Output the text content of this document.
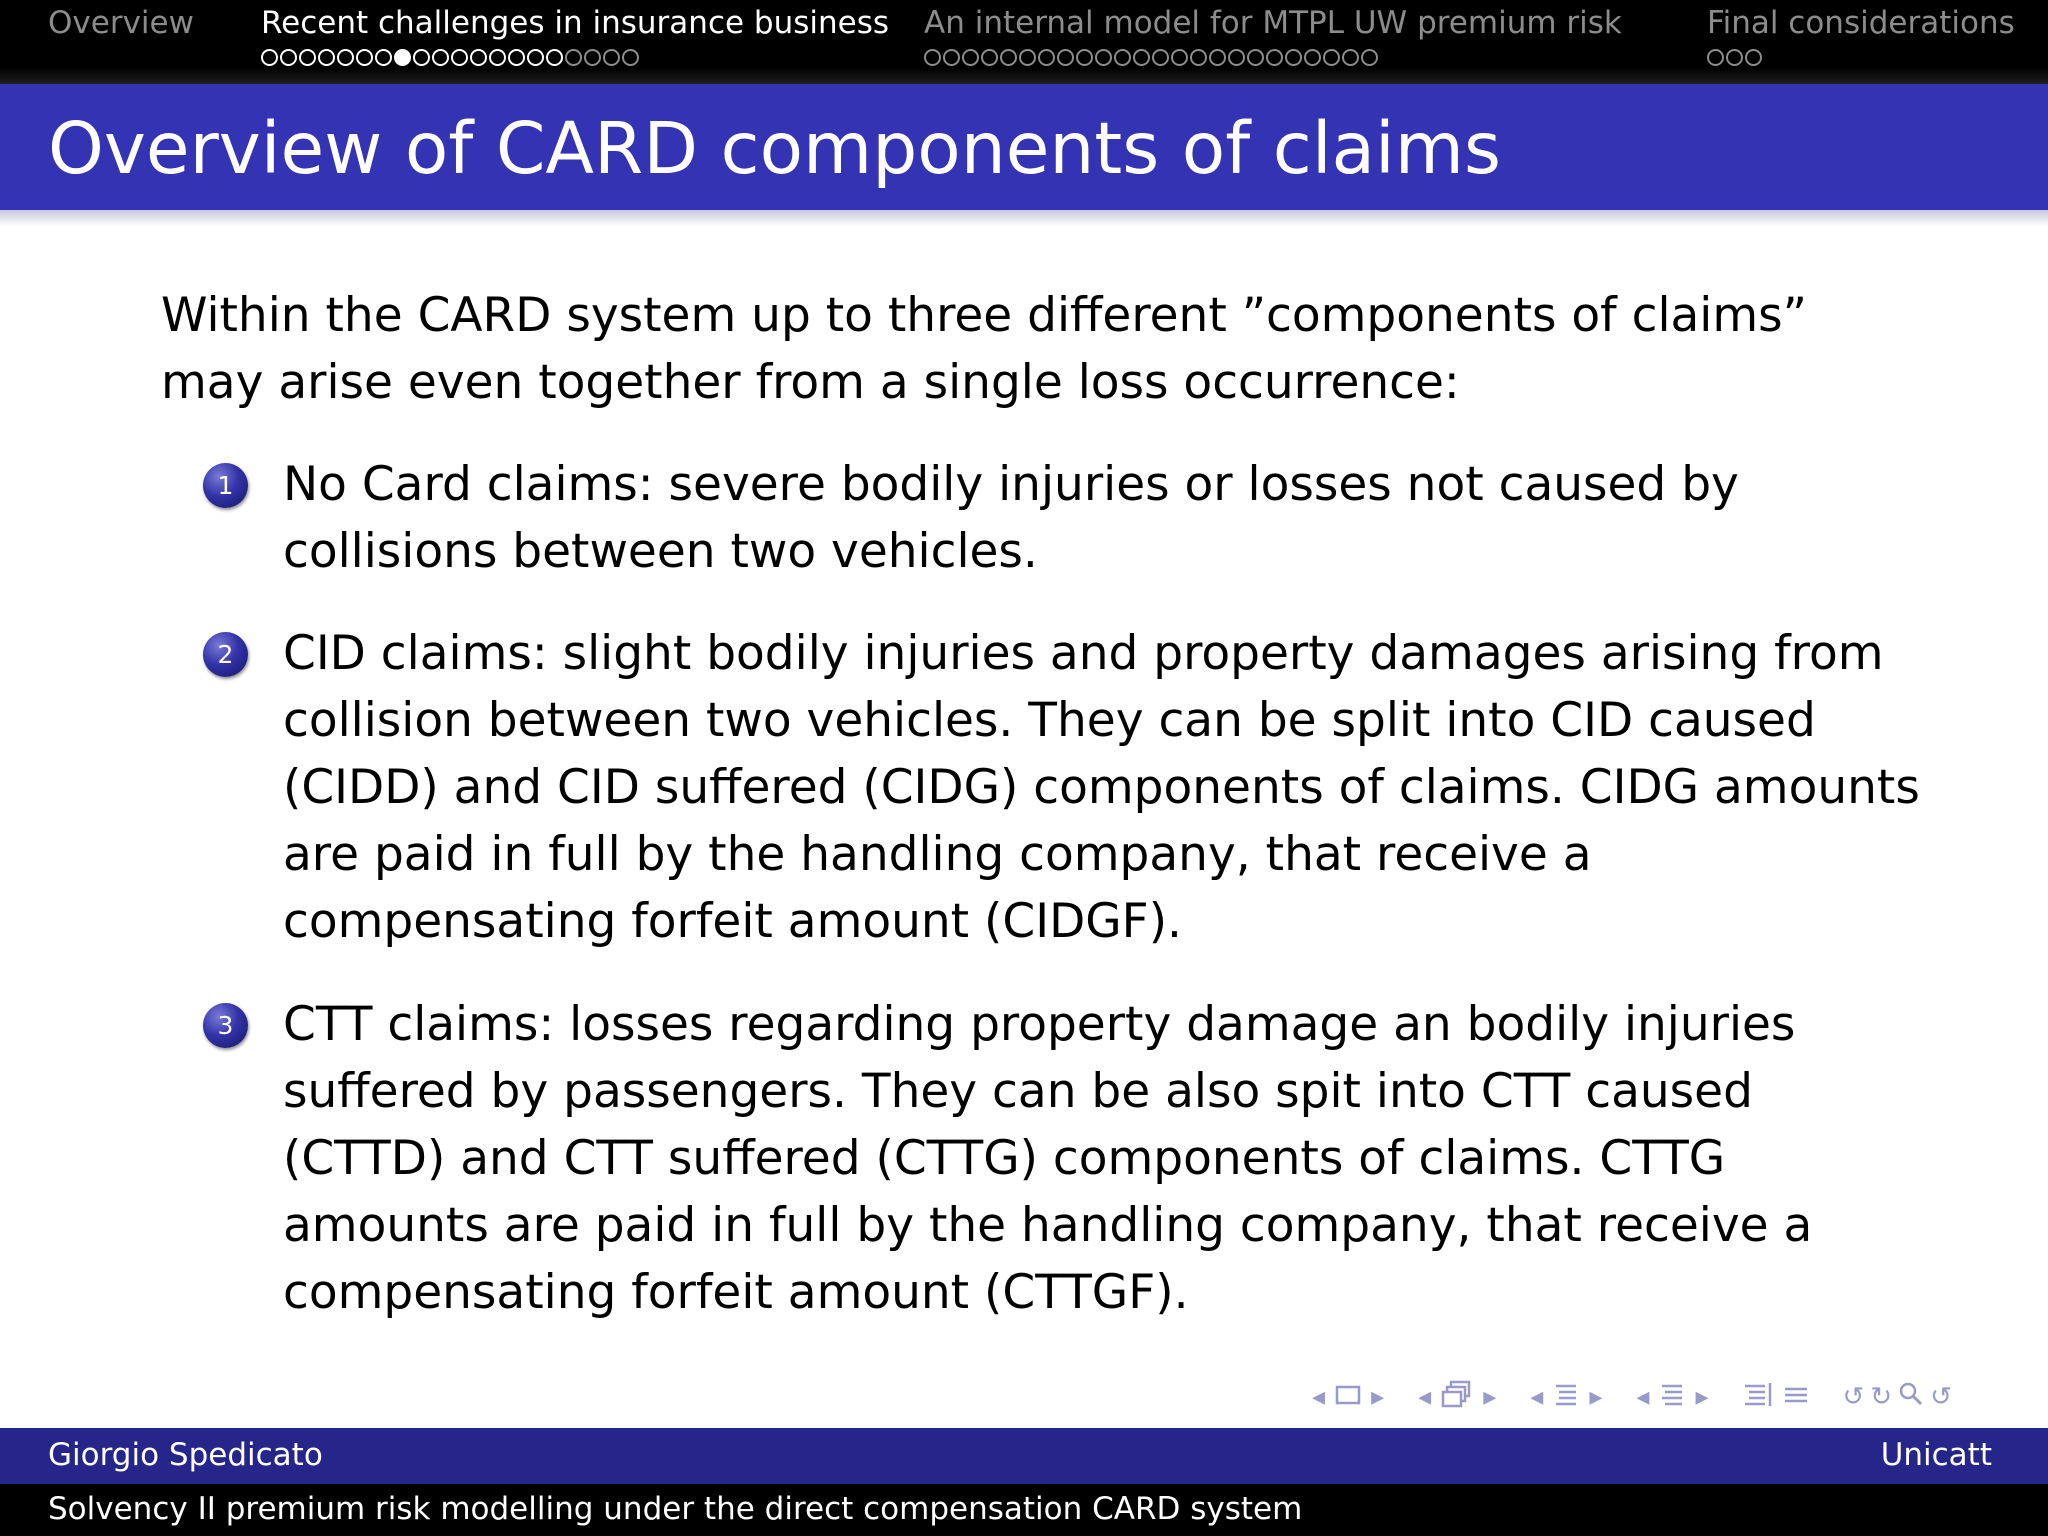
Overview Recent challenges in insurance business An internal model for MTPL UW premium risk	Final considerations
Overview of CARD components of claims
Within the CARD system up to three different ”components of claims” may arise even together from a single loss occurrence:
1	No Card claims: severe bodily injuries or losses not caused by collisions between two vehicles.
2	CID claims: slight bodily injuries and property damages arising from collision between two vehicles. They can be split into CID caused (CIDD) and CID suffered (CIDG) components of claims. CIDG amounts are paid in full by the handling company, that receive a compensating forfeit amount (CIDGF).
3	CTT claims: losses regarding property damage an bodily injuries suffered by passengers. They can be also spit into CTT caused (CTTD) and CTT suffered (CTTG) components of claims. CTTG amounts are paid in full by the handling company, that receive a compensating forfeit amount (CTTGF).
◂ ▸ ◂ ▸ ◂ ▸ ◂ ▸	↺ ↻ ↺
Giorgio Spedicato	Unicatt
Solvency II premium risk modelling under the direct compensation CARD system
